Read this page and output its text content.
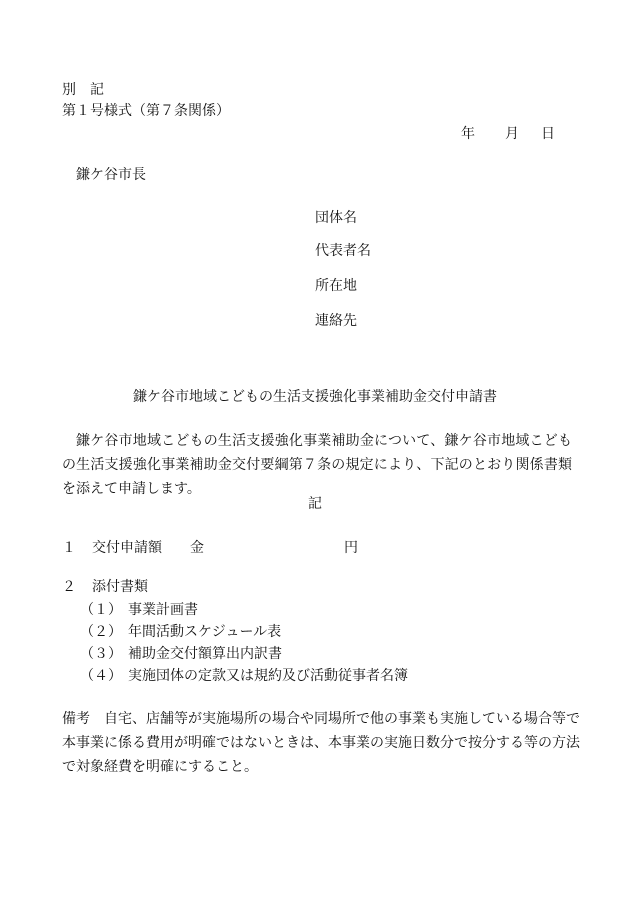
別　記
第１号様式（第７条関係）
年 月 日
鎌ケ谷市長
団体名
代表者名
所在地
連絡先
鎌ケ谷市地域こどもの生活支援強化事業補助金交付申請書
鎌ケ谷市地域こどもの生活支援強化事業補助金について、鎌ケ谷市地域こどもの生活支援強化事業補助金交付要綱第７条の規定により、下記のとおり関係書類を添えて申請します。
記
１ 交付申請額 金	円
２ 添付書類
（１） 事業計画書
（２） 年間活動スケジュール表
（３） 補助金交付額算出内訳書
（４） 実施団体の定款又は規約及び活動従事者名簿
備考	自宅、店舗等が実施場所の場合や同場所で他の事業も実施している場合等で本事業に係る費用が明確ではないときは、本事業の実施日数分で按分する等の方法で対象経費を明確にすること。
